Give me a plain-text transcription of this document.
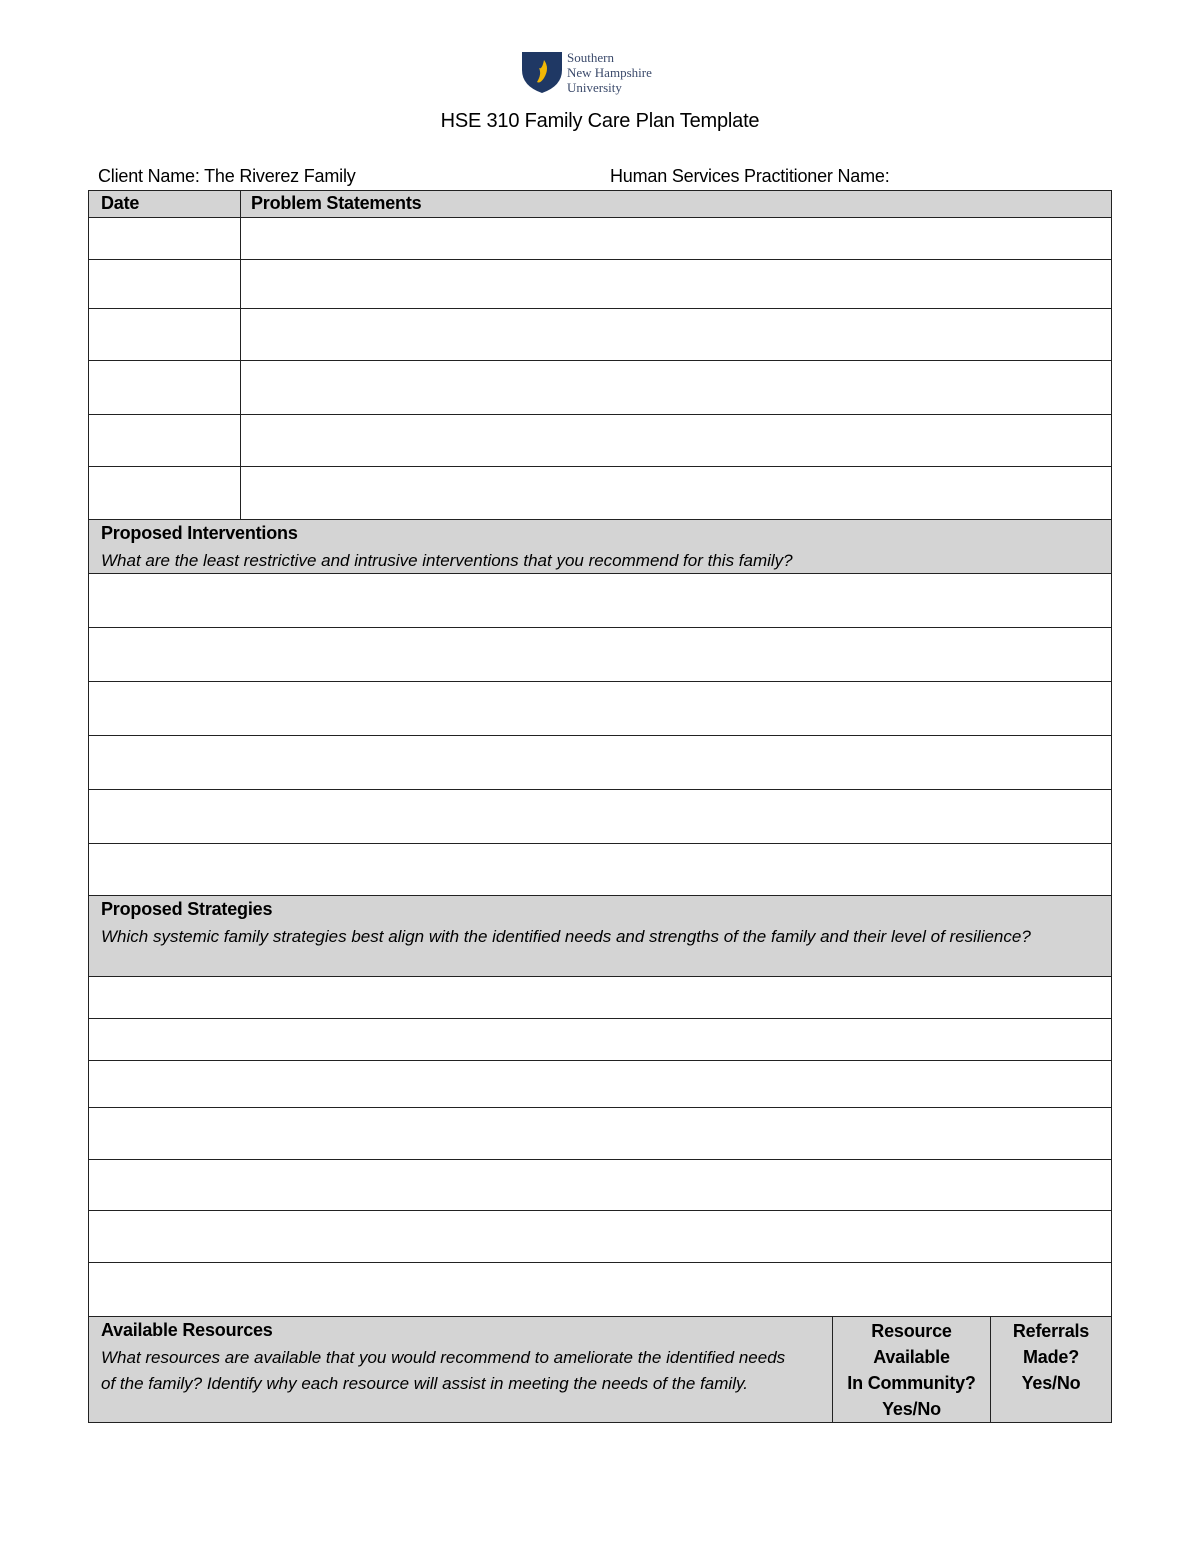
Southern
New Hampshire
University
HSE 310 Family Care Plan Template
Client Name: The Riverez Family	Human Services Practitioner Name:
Date	Problem Statements
Proposed Interventions
What are the least restrictive and intrusive interventions that you recommend for this family?
Proposed Strategies
Which systemic family strategies best align with the identified needs and strengths of the family and their level of resilience?
Available Resources
What resources are available that you would recommend to ameliorate the identified needs of the family? Identify why each resource will assist in meeting the needs of the family.
Resource
Available
In Community?
Yes/No
Referrals
Made?
Yes/No
